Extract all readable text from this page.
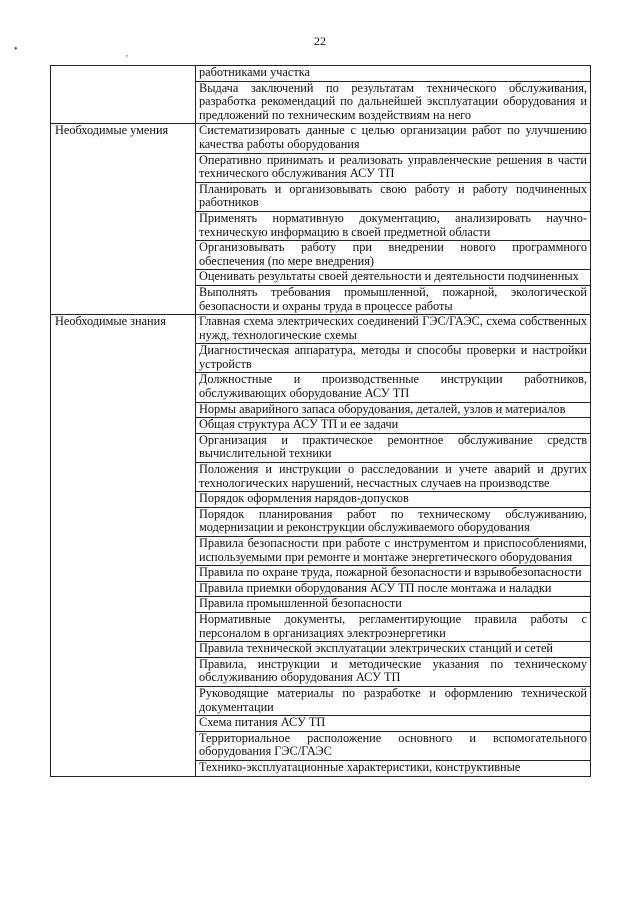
22
•
'
	работниками участка
	Выдача заключений по результатам технического обслуживания, разработка рекомендаций по дальнейшей эксплуатации оборудования и предложений по техническим воздействиям на него
Необходимые умения	Систематизировать данные с целью организации работ по улучшению качества работы оборудования
	Оперативно принимать и реализовать управленческие решения в части технического обслуживания АСУ ТП
	Планировать и организовывать свою работу и работу подчиненных работников
	Применять нормативную документацию, анализировать научно-техническую информацию в своей предметной области
	Организовывать работу при внедрении нового программного обеспечения (по мере внедрения)
	Оценивать результаты своей деятельности и деятельности подчиненных
	Выполнять требования промышленной, пожарной, экологической безопасности и охраны труда в процессе работы
Необходимые знания	Главная схема электрических соединений ГЭС/ГАЭС, схема собственных нужд, технологические схемы
	Диагностическая аппаратура, методы и способы проверки и настройки устройств
	Должностные и производственные инструкции работников, обслуживающих оборудование АСУ ТП
	Нормы аварийного запаса оборудования, деталей, узлов и материалов
	Общая структура АСУ ТП и ее задачи
	Организация и практическое ремонтное обслуживание средств вычислительной техники
	Положения и инструкции о расследовании и учете аварий и других технологических нарушений, несчастных случаев на производстве
	Порядок оформления нарядов-допусков
	Порядок планирования работ по техническому обслуживанию, модернизации и реконструкции обслуживаемого оборудования
	Правила безопасности при работе с инструментом и приспособлениями, используемыми при ремонте и монтаже энергетического оборудования
	Правила по охране труда, пожарной безопасности и взрывобезопасности
	Правила приемки оборудования АСУ ТП после монтажа и наладки
	Правила промышленной безопасности
	Нормативные документы, регламентирующие правила работы с персоналом в организациях электроэнергетики
	Правила технической эксплуатации электрических станций и сетей
	Правила, инструкции и методические указания по техническому обслуживанию оборудования АСУ ТП
	Руководящие материалы по разработке и оформлению технической документации
	Схема питания АСУ ТП
	Территориальное расположение основного и вспомогательного оборудования ГЭС/ГАЭС
	Технико-эксплуатационные характеристики, конструктивные
